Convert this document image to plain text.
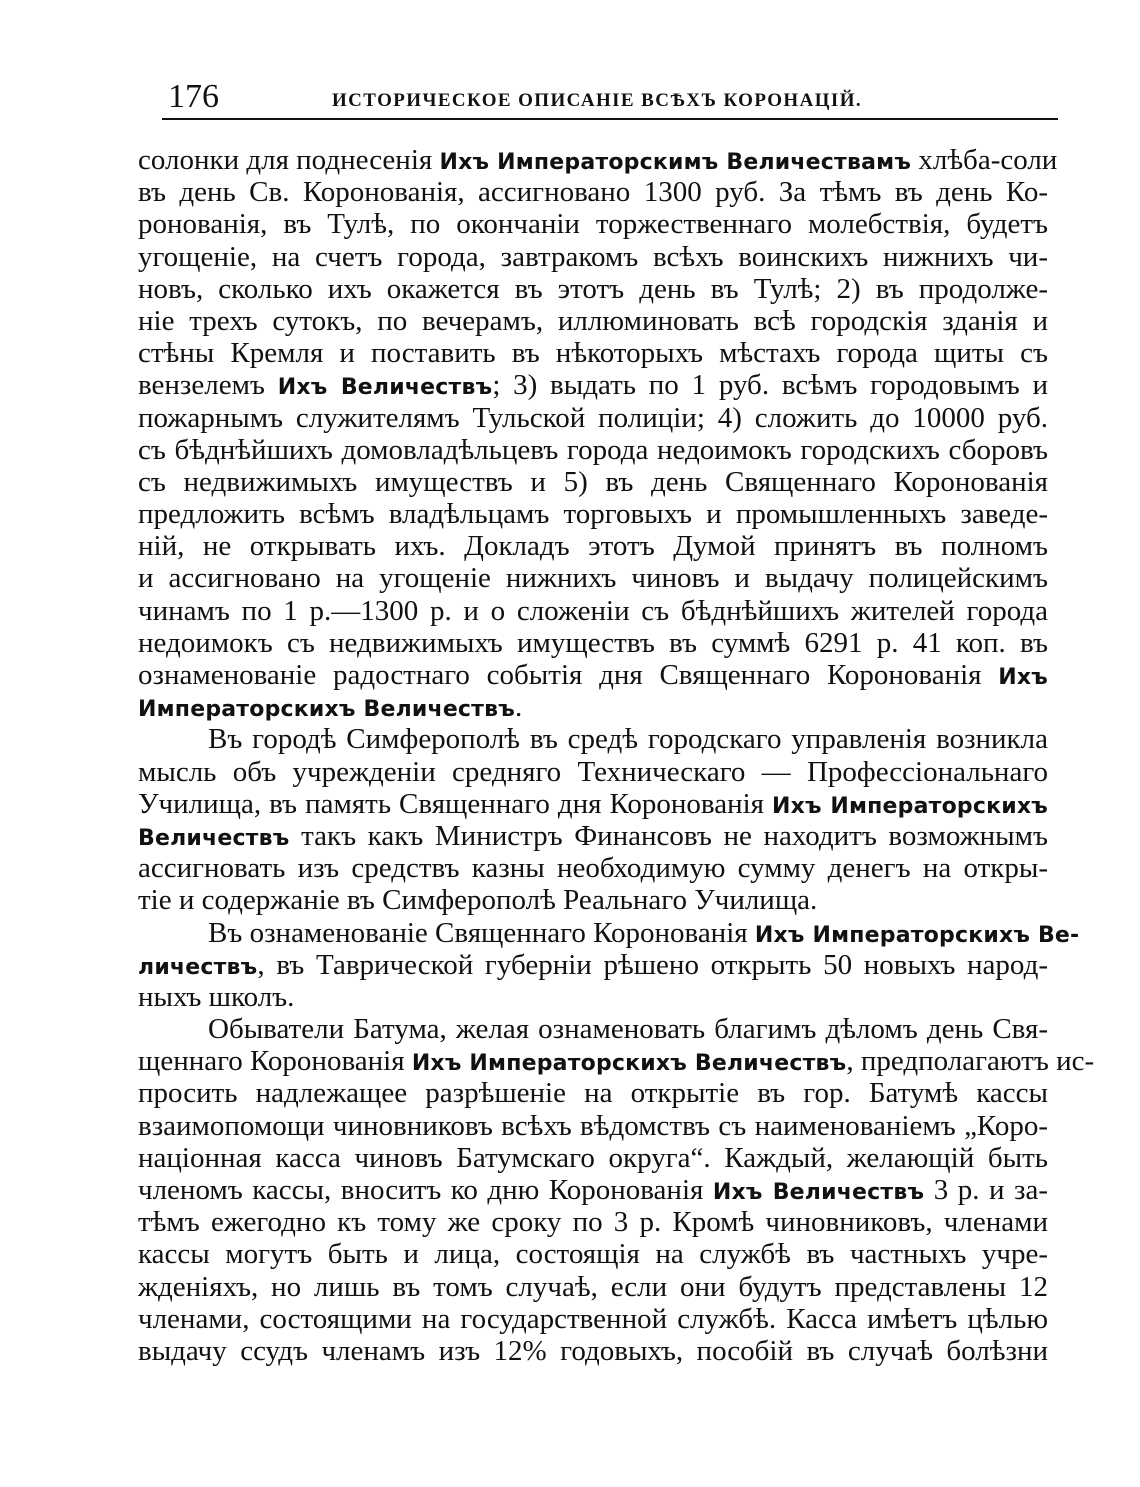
176	ИСТОРИЧЕСКОЕ ОПИСАНІЕ ВСѢХЪ КОРОНАЦІЙ.
солонки для поднесенія Ихъ Императорскимъ Величествамъ хлѣба-соли
въ день Св. Коронованія, ассигновано 1300 руб. За тѣмъ въ день Ко-
ронованія, въ Тулѣ, по окончаніи торжественнаго молебствія, будетъ
угощеніе, на счетъ города, завтракомъ всѣхъ воинскихъ нижнихъ чи-
новъ, сколько ихъ окажется въ этотъ день въ Тулѣ; 2) въ продолже-
ніе трехъ сутокъ, по вечерамъ, иллюминовать всѣ городскія зданія и
стѣны Кремля и поставить въ нѣкоторыхъ мѣстахъ города щиты съ
вензелемъ Ихъ Величествъ; 3) выдать по 1 руб. всѣмъ городовымъ и
пожарнымъ служителямъ Тульской полиціи; 4) сложить до 10000 руб.
съ бѣднѣйшихъ домовладѣльцевъ города недоимокъ городскихъ сборовъ
съ недвижимыхъ имуществъ и 5) въ день Священнаго Коронованія
предложить всѣмъ владѣльцамъ торговыхъ и промышленныхъ заведе-
ній, не открывать ихъ. Докладъ этотъ Думой принятъ въ полномъ
и ассигновано на угощеніе нижнихъ чиновъ и выдачу полицейскимъ
чинамъ по 1 р.—1300 р. и о сложеніи съ бѣднѣйшихъ жителей города
недоимокъ съ недвижимыхъ имуществъ въ суммѣ 6291 р. 41 коп. въ
ознаменованіе радостнаго событія дня Священнаго Коронованія Ихъ
Императорскихъ Величествъ.
Въ городѣ Симферополѣ въ средѣ городскаго управленія возникла
мысль объ учрежденіи средняго Техническаго — Профессіональнаго
Училища, въ память Священнаго дня Коронованія Ихъ Императорскихъ
Величествъ такъ какъ Министръ Финансовъ не находитъ возможнымъ
ассигновать изъ средствъ казны необходимую сумму денегъ на откры-
тіе и содержаніе въ Симферополѣ Реальнаго Училища.
Въ ознаменованіе Священнаго Коронованія Ихъ Императорскихъ Ве-
личествъ, въ Таврической губерніи рѣшено открыть 50 новыхъ народ-
ныхъ школъ.
Обыватели Батума, желая ознаменовать благимъ дѣломъ день Свя-
щеннаго Коронованія Ихъ Императорскихъ Величествъ, предполагаютъ ис-
просить надлежащее разрѣшеніе на открытіе въ гор. Батумѣ кассы
взаимопомощи чиновниковъ всѣхъ вѣдомствъ съ наименованіемъ „Коро-
націонная касса чиновъ Батумскаго округа“. Каждый, желающій быть
членомъ кассы, вноситъ ко дню Коронованія Ихъ Величествъ 3 р. и за-
тѣмъ ежегодно къ тому же сроку по 3 р. Кромѣ чиновниковъ, членами
кассы могутъ быть и лица, состоящія на службѣ въ частныхъ учре-
жденіяхъ, но лишь въ томъ случаѣ, если они будутъ представлены 12
членами, состоящими на государственной службѣ. Касса имѣетъ цѣлью
выдачу ссудъ членамъ изъ 12% годовыхъ, пособій въ случаѣ болѣзни
